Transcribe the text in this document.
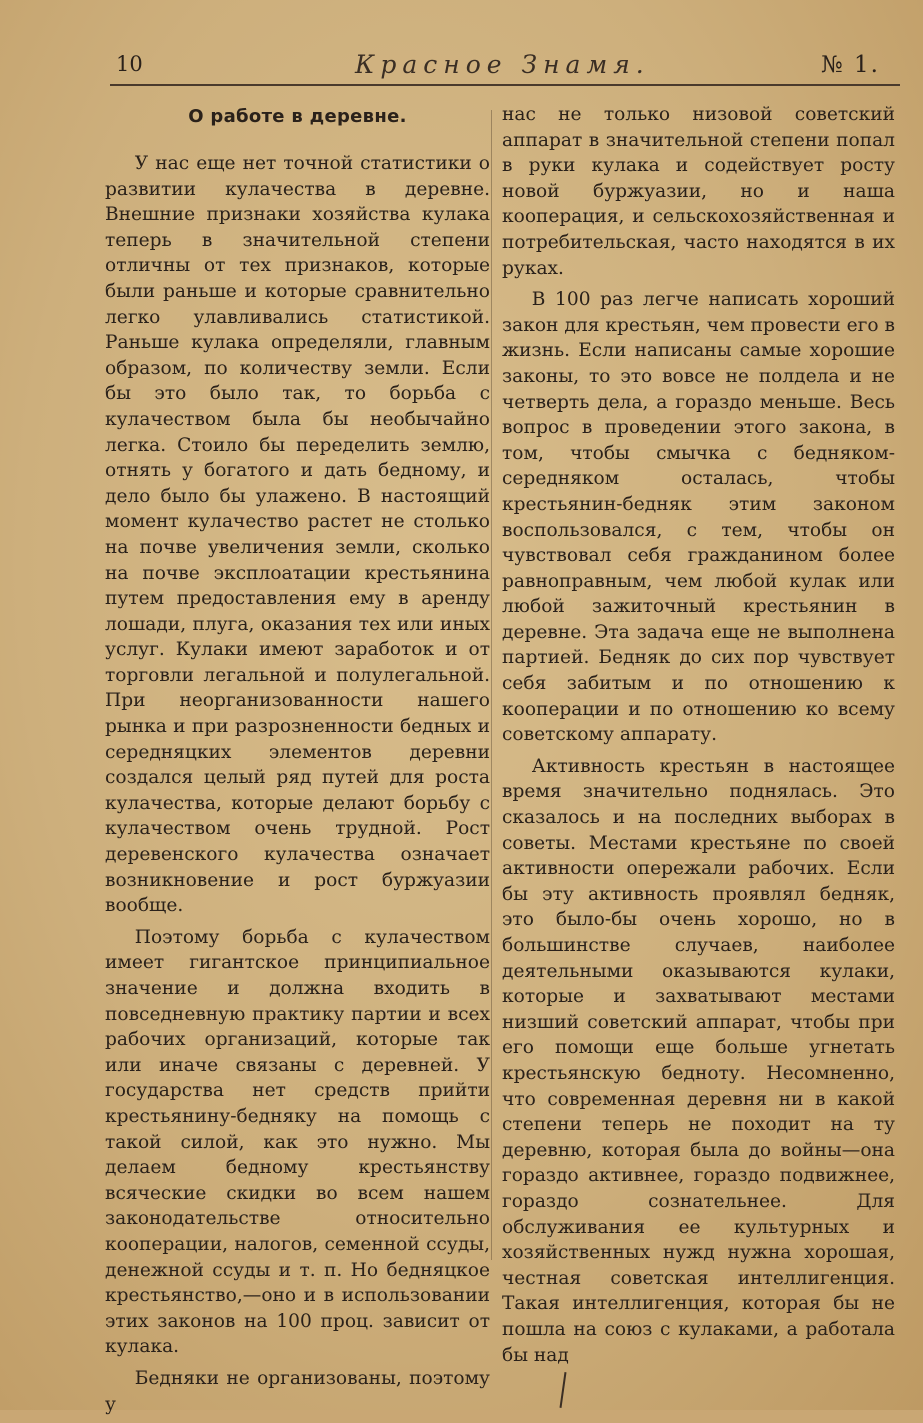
10	Красное Знамя.	№ 1.
О работе в деревне.

У нас еще нет точной статистики о развитии кулачества в деревне. Внешние признаки хозяйства кулака теперь в значительной степени отличны от тех признаков, которые были раньше и которые сравнительно легко улавливались статистикой. Раньше кулака определяли, главным образом, по количеству земли. Если бы это было так, то борьба с кулачеством была бы необычайно легка. Стоило бы переделить землю, отнять у богатого и дать бедному, и дело было бы улажено. В настоящий момент кулачество растет не столько на почве увеличения земли, сколько на почве эксплоатации крестьянина путем предоставления ему в аренду лошади, плуга, оказания тех или иных услуг. Кулаки имеют заработок и от торговли легальной и полулегальной. При неорганизованности нашего рынка и при разрозненности бедных и середняцких элементов деревни создался целый ряд путей для роста кулачества, которые делают борьбу с кулачеством очень трудной. Рост деревенского кулачества означает возникновение и рост буржуазии вообще.

Поэтому борьба с кулачеством имеет гигантское принципиальное значение и должна входить в повседневную практику партии и всех рабочих организаций, которые так или иначе связаны с деревней. У государства нет средств прийти крестьянину-бедняку на помощь с такой силой, как это нужно. Мы делаем бедному крестьянству всяческие скидки во всем нашем законодательстве относительно кооперации, налогов, семенной ссуды, денежной ссуды и т. п. Но бедняцкое крестьянство,—оно и в использовании этих законов на 100 проц. зависит от кулака.

Бедняки не организованы, поэтому у

нас не только низовой советский аппарат в значительной степени попал в руки кулака и содействует росту новой буржуазии, но и наша кооперация, и сельскохозяйственная и потребительская, часто находятся в их руках.

В 100 раз легче написать хороший закон для крестьян, чем провести его в жизнь. Если написаны самые хорошие законы, то это вовсе не полдела и не четверть дела, а гораздо меньше. Весь вопрос в проведении этого закона, в том, чтобы смычка с бедняком-середняком осталась, чтобы крестьянин-бедняк этим законом воспользовался, с тем, чтобы он чувствовал себя гражданином более равноправным, чем любой кулак или любой зажиточный крестьянин в деревне. Эта задача еще не выполнена партией. Бедняк до сих пор чувствует себя забитым и по отношению к кооперации и по отношению ко всему советскому аппарату.

Активность крестьян в настоящее время значительно поднялась. Это сказалось и на последних выборах в советы. Местами крестьяне по своей активности опережали рабочих. Если бы эту активность проявлял бедняк, это было-бы очень хорошо, но в большинстве случаев, наиболее деятельными оказываются кулаки, которые и захватывают местами низший советский аппарат, чтобы при его помощи еще больше угнетать крестьянскую бедноту. Несомненно, что современная деревня ни в какой степени теперь не походит на ту деревню, которая была до войны—она гораздо активнее, гораздо подвижнее, гораздо сознательнее. Для обслуживания ее культурных и хозяйственных нужд нужна хорошая, честная советская интеллигенция. Такая интеллигенция, которая бы не пошла на союз с кулаками, а работала бы над
